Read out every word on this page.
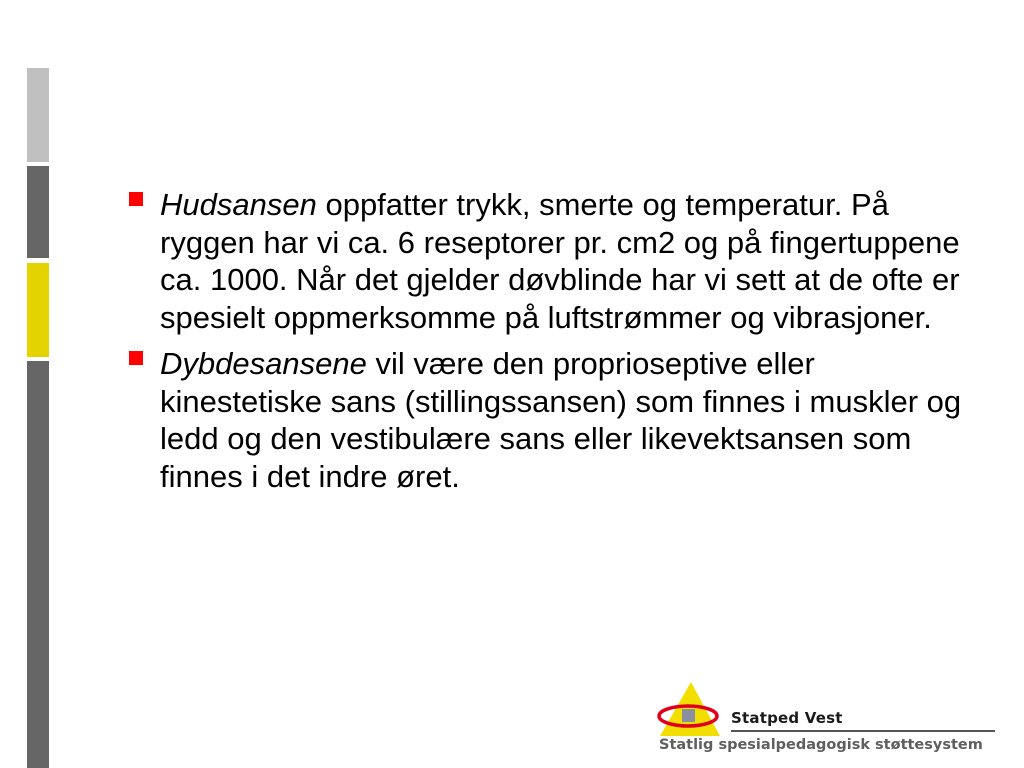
Hudsansen oppfatter trykk, smerte og temperatur. På ryggen har vi ca. 6 reseptorer pr. cm2 og på fingertuppene ca. 1000. Når det gjelder døvblinde har vi sett at de ofte er spesielt oppmerksomme på luftstrømmer og vibrasjoner.
Dybdesansene vil være den proprioseptive eller kinestetiske sans (stillingssansen) som finnes i muskler og ledd og den vestibulære sans eller likevektsansen som finnes i det indre øret.
Statped Vest
Statlig spesialpedagogisk støttesystem
